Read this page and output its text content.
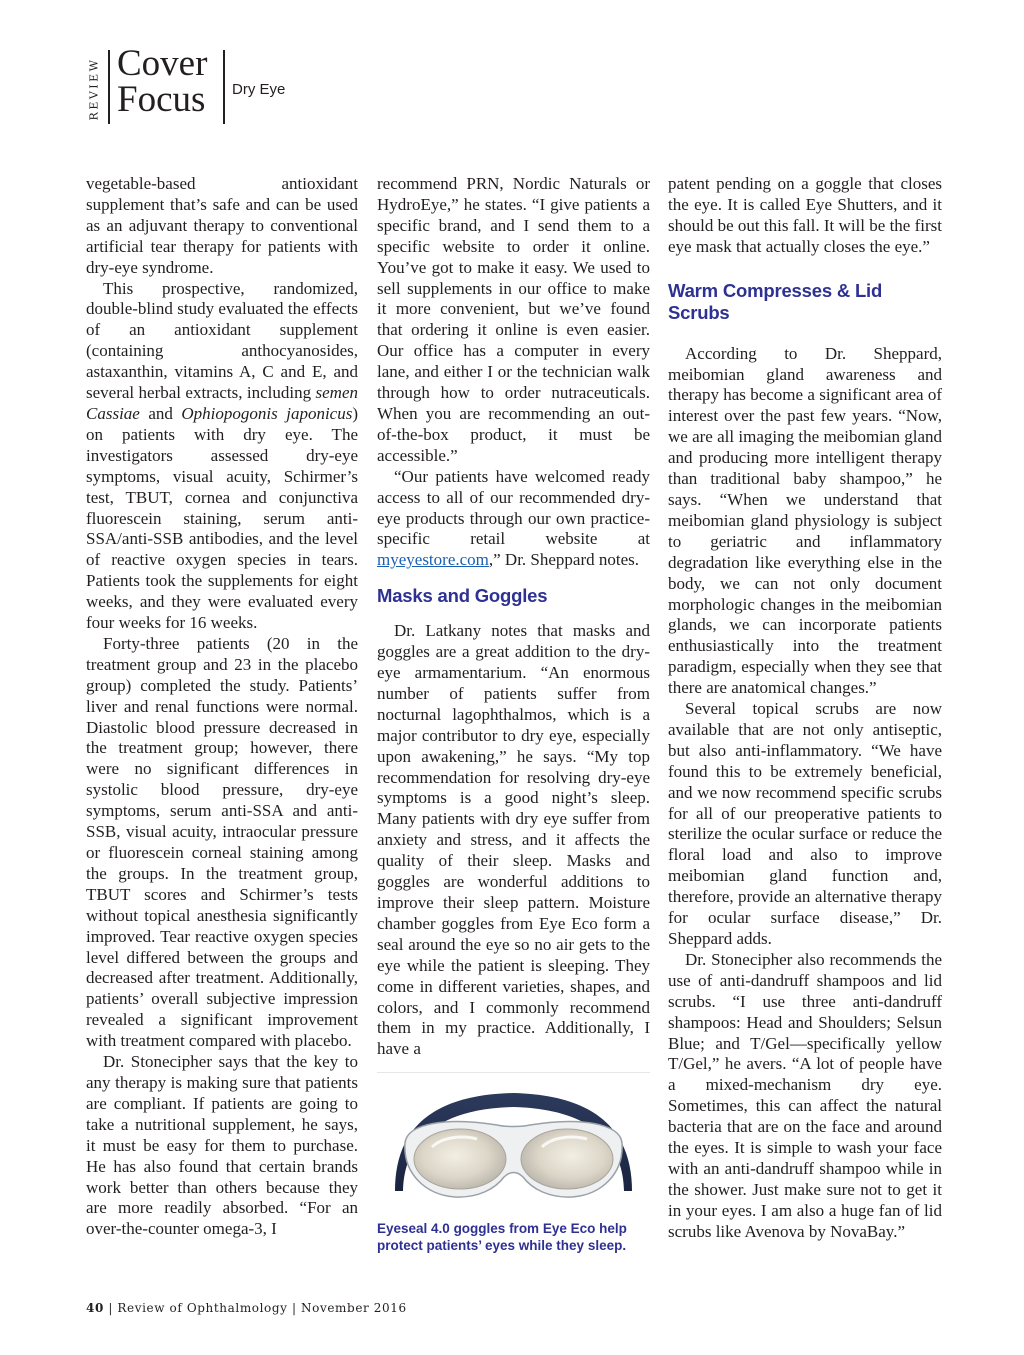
REVIEW Cover
Focus Dry Eye

vegetable-based antioxidant supplement that’s safe and can be used as an adjuvant therapy to conventional artificial tear therapy for patients with dry-eye syndrome.

This prospective, randomized, double-blind study evaluated the effects of an antioxidant supplement (containing anthocyanosides, astaxanthin, vitamins A, C and E, and several herbal extracts, including semen Cassiae and Ophiopogonis japonicus) on patients with dry eye. The investigators assessed dry-eye symptoms, visual acuity, Schirmer’s test, TBUT, cornea and conjunctiva fluorescein staining, serum anti-SSA/anti-SSB antibodies, and the level of reactive oxygen species in tears. Patients took the supplements for eight weeks, and they were evaluated every four weeks for 16 weeks.

Forty-three patients (20 in the treatment group and 23 in the placebo group) completed the study. Patients’ liver and renal functions were normal. Diastolic blood pressure decreased in the treatment group; however, there were no significant differences in systolic blood pressure, dry-eye symptoms, serum anti-SSA and anti-SSB, visual acuity, intraocular pressure or fluorescein corneal staining among the groups. In the treatment group, TBUT scores and Schirmer’s tests without topical anesthesia significantly improved. Tear reactive oxygen species level differed between the groups and decreased after treatment. Additionally, patients’ overall subjective impression revealed a significant improvement with treatment compared with placebo.

Dr. Stonecipher says that the key to any therapy is making sure that patients are compliant. If patients are going to take a nutritional supplement, he says, it must be easy for them to purchase. He has also found that certain brands work better than others because they are more readily absorbed. “For an over-the-counter omega-3, I

recommend PRN, Nordic Naturals or HydroEye,” he states. “I give patients a specific brand, and I send them to a specific website to order it online. You’ve got to make it easy. We used to sell supplements in our office to make it more convenient, but we’ve found that ordering it online is even easier. Our office has a computer in every lane, and either I or the technician walk through how to order nutraceuticals. When you are recommending an out-of-the-box product, it must be accessible.”

“Our patients have welcomed ready access to all of our recommended dry-eye products through our own practice-specific retail website at myeyestore.com,” Dr. Sheppard notes.

Masks and Goggles

Dr. Latkany notes that masks and goggles are a great addition to the dry-eye armamentarium. “An enormous number of patients suffer from nocturnal lagophthalmos, which is a major contributor to dry eye, especially upon awakening,” he says. “My top recommendation for resolving dry-eye symptoms is a good night’s sleep. Many patients with dry eye suffer from anxiety and stress, and it affects the quality of their sleep. Masks and goggles are wonderful additions to improve their sleep pattern. Moisture chamber goggles from Eye Eco form a seal around the eye so no air gets to the eye while the patient is sleeping. They come in different varieties, shapes, and colors, and I commonly recommend them in my practice. Additionally, I have a

Eyeseal 4.0 goggles from Eye Eco help protect patients’ eyes while they sleep.

patent pending on a goggle that closes the eye. It is called Eye Shutters, and it should be out this fall. It will be the first eye mask that actually closes the eye.”

Warm Compresses & Lid Scrubs

According to Dr. Sheppard, meibomian gland awareness and therapy has become a significant area of interest over the past few years. “Now, we are all imaging the meibomian gland and producing more intelligent therapy than traditional baby shampoo,” he says. “When we understand that meibomian gland physiology is subject to geriatric and inflammatory degradation like everything else in the body, we can not only document morphologic changes in the meibomian glands, we can incorporate patients enthusiastically into the treatment paradigm, especially when they see that there are anatomical changes.”

Several topical scrubs are now available that are not only antiseptic, but also anti-inflammatory. “We have found this to be extremely beneficial, and we now recommend specific scrubs for all of our preoperative patients to sterilize the ocular surface or reduce the floral load and also to improve meibomian gland function and, therefore, provide an alternative therapy for ocular surface disease,” Dr. Sheppard adds.

Dr. Stonecipher also recommends the use of anti-dandruff shampoos and lid scrubs. “I use three anti-dandruff shampoos: Head and Shoulders; Selsun Blue; and T/Gel—specifically yellow T/Gel,” he avers. “A lot of people have a mixed-mechanism dry eye. Sometimes, this can affect the natural bacteria that are on the face and around the eyes. It is simple to wash your face with an anti-dandruff shampoo while in the shower. Just make sure not to get it in your eyes. I am also a huge fan of lid scrubs like Avenova by NovaBay.”

40 | Review of Ophthalmology | November 2016
